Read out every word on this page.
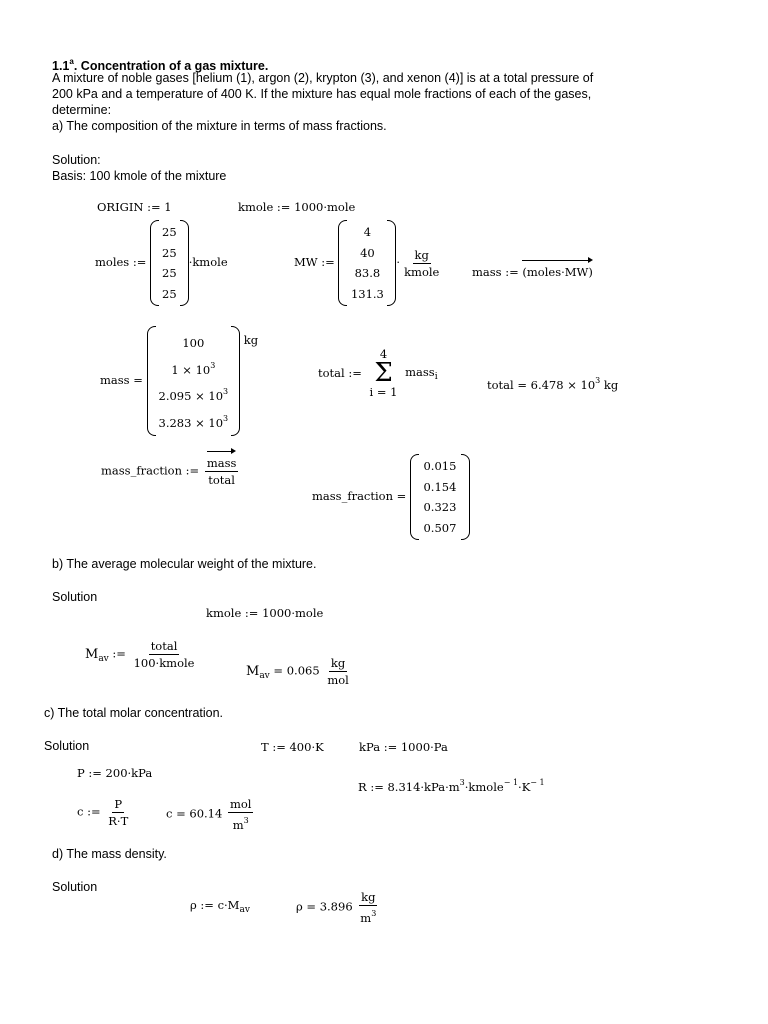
1.1$^a$. Concentration of a gas mixture.
A mixture of noble gases [helium (1), argon (2), krypton (3), and xenon (4)] is at a total pressure of
200 kPa and a temperature of 400 K. If the mixture has equal mole fractions of each of the gases,
determine:
a) The composition of the mixture in terms of mass fractions.
Solution:
Basis: 100 kmole of the mixture
ORIGIN := 1	kmole := 1000·mole
moles :=
25
25
25
25
·kmole	MW :=
4
40
83.8
131.3
· $\frac{kg}{\text{kmole}}$	mass := (moles·MW)
mass =
100
$1 \times 10^3$
$2.095 \times 10^3$
$3.283 \times 10^3$
kg
total :=
4
Σ
i = 1
mass$_i$
total = $6.478 \times 10^3$ kg
mass_fraction := $\frac{\text{mass}}{\text{total}}$
mass_fraction =
0.015
0.154
0.323
0.507
b) The average molecular weight of the mixture.
Solution
kmole := 1000·mole
$M_{av}$ := $\frac{\text{total}}{\text{100·kmole}}$
$M_{av} = 0.065 \frac{kg}{\text{mol}}$
c) The total molar concentration.
Solution	T := 400·K	kPa := 1000·Pa
P := 200·kPa
R := $8.314\cdot kPa\cdot m^3\cdot kmole^{- 1}\cdot K^{- 1}$
c := $\frac{P}{R\cdot T}$	$c = 60.14 \frac{\text{mol}}{m^3}$
d) The mass density.
Solution
ρ := $c\cdot M_{av}$	$\rho = 3.896 \frac{kg}{m^3}$
